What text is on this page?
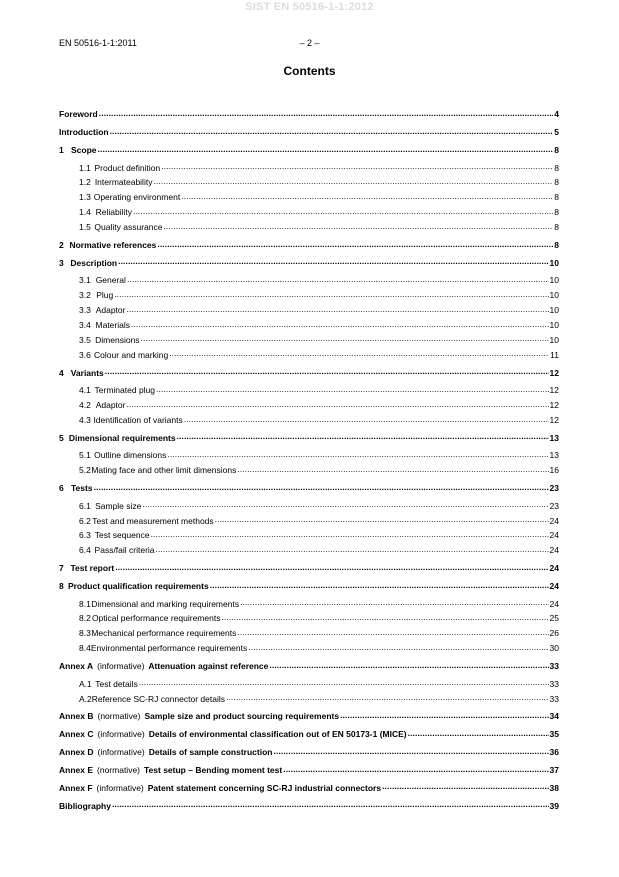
SIST EN 50516-1-1:2012
EN 50516-1-1:2011	– 2 –
Contents
Foreword .....	4
Introduction .....	5
1 Scope .....	8
1.1 Product definition .....	8
1.2 Intermateability .....	8
1.3 Operating environment .....	8
1.4 Reliability .....	8
1.5 Quality assurance .....	8
2 Normative references .....	8
3 Description .....	10
3.1 General .....	10
3.2 Plug .....	10
3.3 Adaptor .....	10
3.4 Materials .....	10
3.5 Dimensions .....	10
3.6 Colour and marking .....	11
4 Variants .....	12
4.1 Terminated plug .....	12
4.2 Adaptor .....	12
4.3 Identification of variants .....	12
5 Dimensional requirements .....	13
5.1 Outline dimensions .....	13
5.2 Mating face and other limit dimensions .....	16
6 Tests .....	23
6.1 Sample size .....	23
6.2 Test and measurement methods .....	24
6.3 Test sequence .....	24
6.4 Pass/fail criteria .....	24
7 Test report .....	24
8 Product qualification requirements .....	24
8.1 Dimensional and marking requirements .....	24
8.2 Optical performance requirements .....	25
8.3 Mechanical performance requirements .....	26
8.4 Environmental performance requirements .....	30
Annex A (informative) Attenuation against reference .....	33
A.1 Test details .....	33
A.2 Reference SC-RJ connector details .....	33
Annex B (normative) Sample size and product sourcing requirements .....	34
Annex C (informative) Details of environmental classification out of EN 50173-1 (MICE) .....	35
Annex D (informative) Details of sample construction .....	36
Annex E (normative) Test setup – Bending moment test .....	37
Annex F (informative) Patent statement concerning SC-RJ industrial connectors .....	38
Bibliography .....	39
